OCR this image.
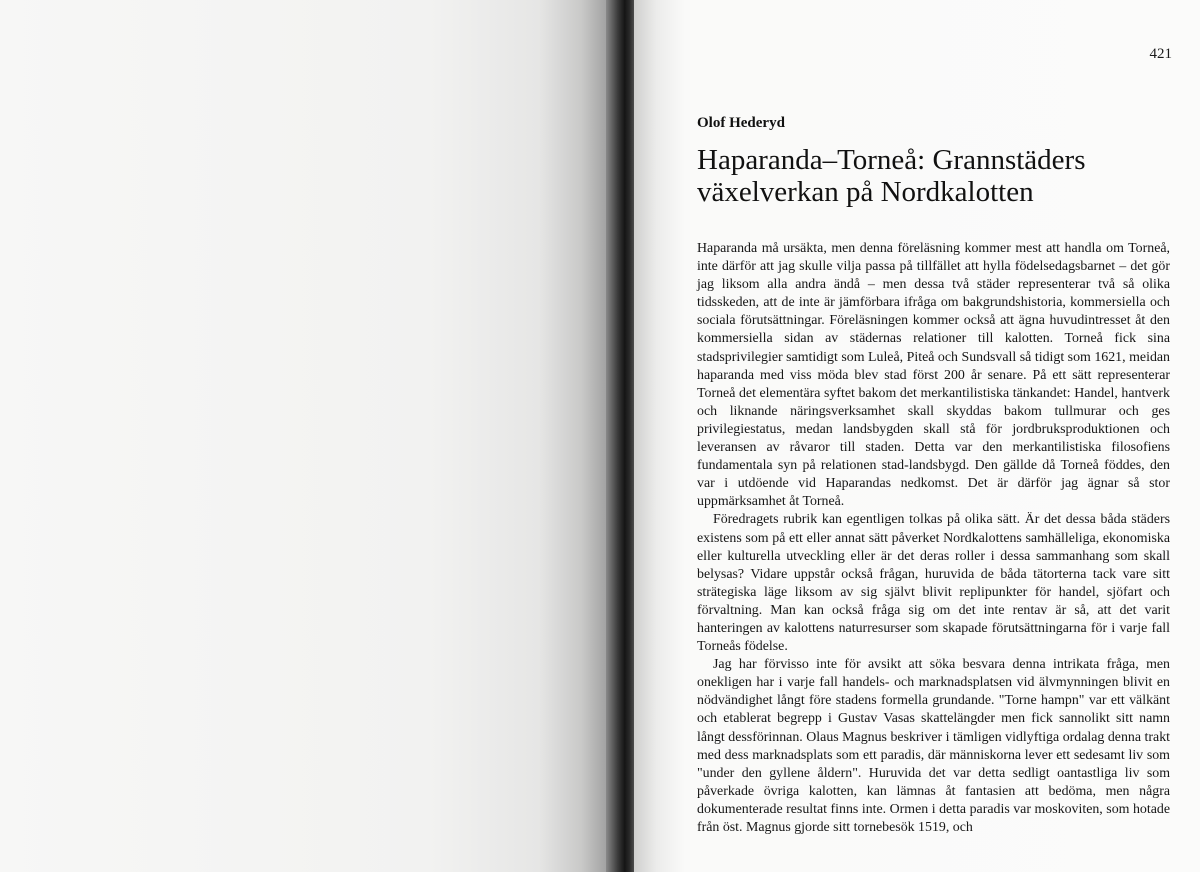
421
Olof Hederyd
Haparanda–Torneå: Grannstäders
växelverkan på Nordkalotten

Haparanda må ursäkta, men denna föreläsning kommer mest att handla om Torneå, inte därför att jag skulle vilja passa på tillfället att hylla födelsedagsbarnet – det gör jag liksom alla andra ändå – men dessa två städer representerar två så olika tidsskeden, att de inte är jämförbara ifråga om bakgrundshistoria, kommersiella och sociala förutsättningar. Föreläsningen kommer också att ägna huvudintresset åt den kommersiella sidan av städernas relationer till kalotten. Torneå fick sina stadsprivilegier samtidigt som Luleå, Piteå och Sundsvall så tidigt som 1621, meidan haparanda med viss möda blev stad först 200 år senare. På ett sätt representerar Torneå det elementära syftet bakom det merkantilistiska tänkandet: Handel, hantverk och liknande näringsverksamhet skall skyddas bakom tullmurar och ges privilegiestatus, medan landsbygden skall stå för jordbruksproduktionen och leveransen av råvaror till staden. Detta var den merkantilistiska filosofiens fundamentala syn på relationen stad-landsbygd. Den gällde då Torneå föddes, den var i utdöende vid Haparandas nedkomst. Det är därför jag ägnar så stor uppmärksamhet åt Torneå.

Föredragets rubrik kan egentligen tolkas på olika sätt. Är det dessa båda städers existens som på ett eller annat sätt påverket Nordkalottens samhälleliga, ekonomiska eller kulturella utveckling eller är det deras roller i dessa sammanhang som skall belysas? Vidare uppstår också frågan, huruvida de båda tätorterna tack vare sitt strätegiska läge liksom av sig självt blivit replipunkter för handel, sjöfart och förvaltning. Man kan också fråga sig om det inte rentav är så, att det varit hanteringen av kalottens naturresurser som skapade förutsättningarna för i varje fall Torneås födelse.

Jag har förvisso inte för avsikt att söka besvara denna intrikata fråga, men onekligen har i varje fall handels- och marknadsplatsen vid älvmynningen blivit en nödvändighet långt före stadens formella grundande. "Torne hampn" var ett välkänt och etablerat begrepp i Gustav Vasas skattelängder men fick sannolikt sitt namn långt dessförinnan. Olaus Magnus beskriver i tämligen vidlyftiga ordalag denna trakt med dess marknadsplats som ett paradis, där människorna lever ett sedesamt liv som "under den gyllene åldern". Huruvida det var detta sedligt oantastliga liv som påverkade övriga kalotten, kan lämnas åt fantasien att bedöma, men några dokumenterade resultat finns inte. Ormen i detta paradis var moskoviten, som hotade från öst. Magnus gjorde sitt tornebesök 1519, och
